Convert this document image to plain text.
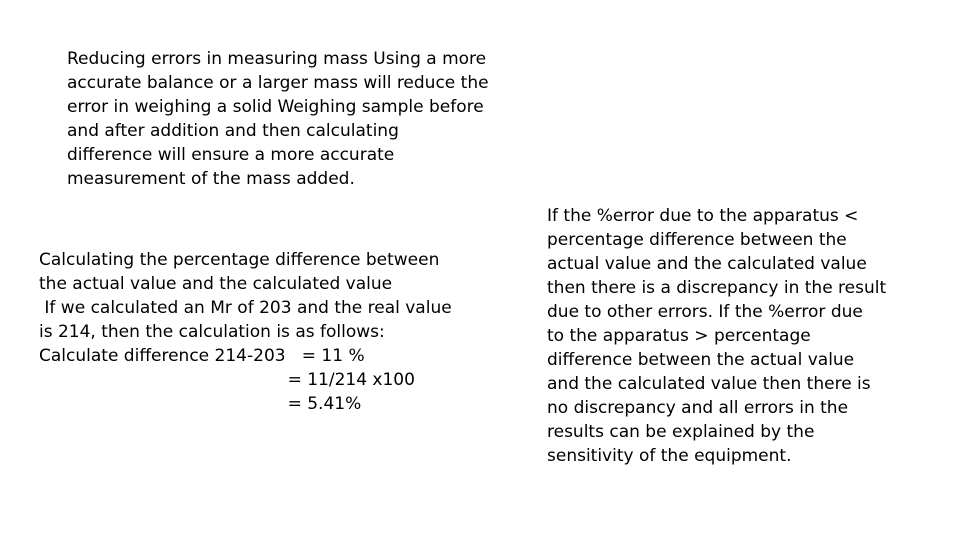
Reducing errors in measuring mass Using a more
accurate balance or a larger mass will reduce the
error in weighing a solid Weighing sample before
and after addition and then calculating
difference will ensure a more accurate
measurement of the mass added.
Calculating the percentage difference between
the actual value and the calculated value
If we calculated an Mr of 203 and the real value
is 214, then the calculation is as follows:
Calculate difference 214-203   = 11 %
= 11/214 x100
= 5.41%
If the %error due to the apparatus <
percentage difference between the
actual value and the calculated value
then there is a discrepancy in the result
due to other errors. If the %error due
to the apparatus > percentage
difference between the actual value
and the calculated value then there is
no discrepancy and all errors in the
results can be explained by the
sensitivity of the equipment.
